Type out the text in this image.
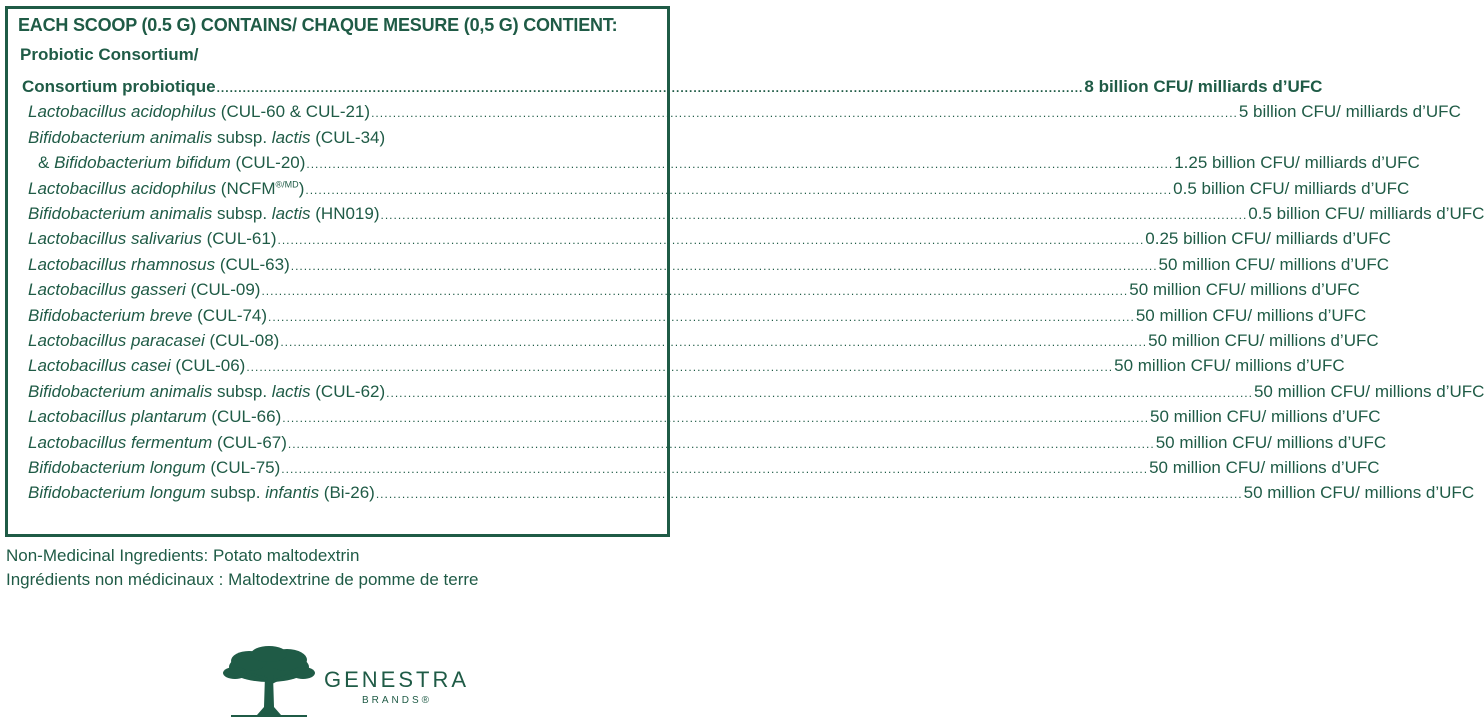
EACH SCOOP (0.5 G) CONTAINS/ CHAQUE MESURE (0,5 G) CONTIENT:
Probiotic Consortium/
Consortium probiotique ........................................................................................................................................................................................................ 8 billion CFU/ milliards d’UFC
Lactobacillus acidophilus (CUL-60 & CUL-21) ........................................................................................................................................................................................................ 5 billion CFU/ milliards d’UFC
Bifidobacterium animalis subsp. lactis (CUL-34)
& Bifidobacterium bifidum (CUL-20) ........................................................................................................................................................................................................ 1.25 billion CFU/ milliards d’UFC
Lactobacillus acidophilus $(NCFM^{®/MD})$ ........................................................................................................................................................................................................ 0.5 billion CFU/ milliards d’UFC
Bifidobacterium animalis subsp. lactis (HN019) ........................................................................................................................................................................................................ 0.5 billion CFU/ milliards d’UFC
Lactobacillus salivarius (CUL-61) ........................................................................................................................................................................................................ 0.25 billion CFU/ milliards d’UFC
Lactobacillus rhamnosus (CUL-63) ........................................................................................................................................................................................................ 50 million CFU/ millions d’UFC
Lactobacillus gasseri (CUL-09) ........................................................................................................................................................................................................ 50 million CFU/ millions d’UFC
Bifidobacterium breve (CUL-74) ........................................................................................................................................................................................................ 50 million CFU/ millions d’UFC
Lactobacillus paracasei (CUL-08) ........................................................................................................................................................................................................ 50 million CFU/ millions d’UFC
Lactobacillus casei (CUL-06) ........................................................................................................................................................................................................ 50 million CFU/ millions d’UFC
Bifidobacterium animalis subsp. lactis (CUL-62) ........................................................................................................................................................................................................ 50 million CFU/ millions d’UFC
Lactobacillus plantarum (CUL-66) ........................................................................................................................................................................................................ 50 million CFU/ millions d’UFC
Lactobacillus fermentum (CUL-67) ........................................................................................................................................................................................................ 50 million CFU/ millions d’UFC
Bifidobacterium longum (CUL-75) ........................................................................................................................................................................................................ 50 million CFU/ millions d’UFC
Bifidobacterium longum subsp. infantis (Bi-26) ........................................................................................................................................................................................................ 50 million CFU/ millions d’UFC
Non-Medicinal Ingredients: Potato maltodextrin
Ingrédients non médicinaux : Maltodextrine de pomme de terre
GENESTRA
BRANDS®
